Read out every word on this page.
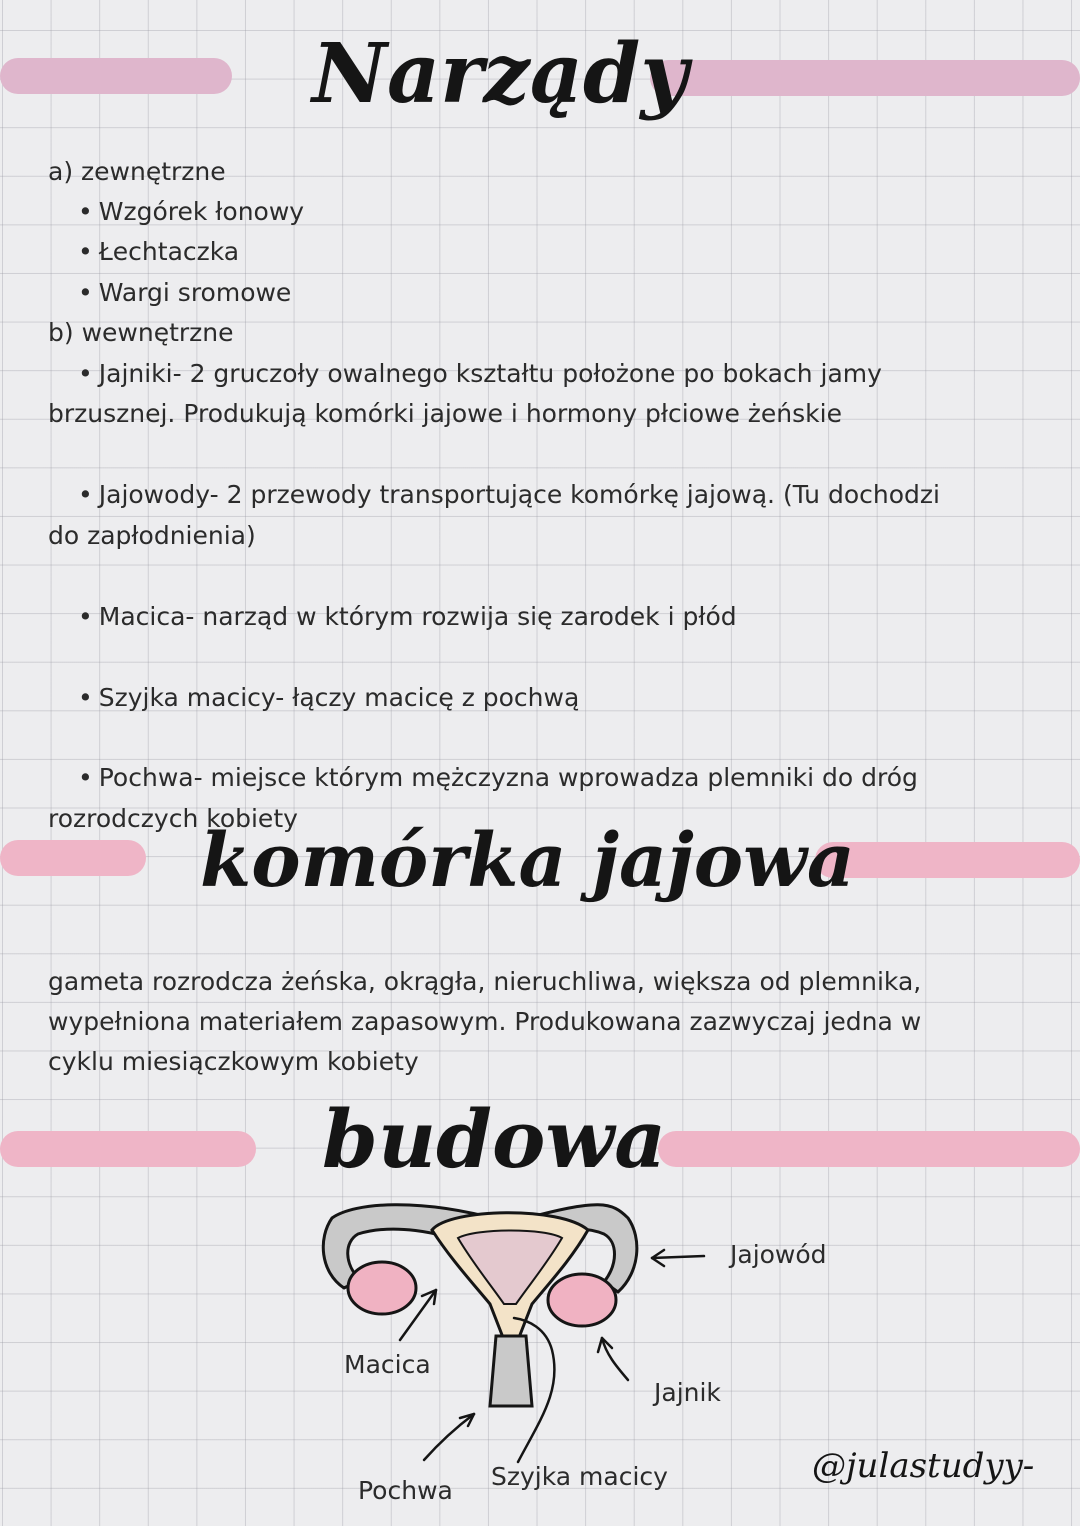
Narządy

a) zewnętrzne

• Wzgórek łonowy

• Łechtaczka

• Wargi sromowe

b) wewnętrzne

• Jajniki- 2 gruczoły owalnego kształtu położone po bokach jamy

brzusznej. Produkują komórki jajowe i hormony płciowe żeńskie

• Jajowody- 2 przewody transportujące komórkę jajową. (Tu dochodzi

do zapłodnienia)

• Macica- narząd w którym rozwija się zarodek i płód

• Szyjka macicy- łączy macicę z pochwą

• Pochwa- miejsce którym mężczyzna wprowadza plemniki do dróg

rozrodczych kobiety

komórka jajowa

gameta rozrodcza żeńska, okrągła, nieruchliwa, większa od plemnika,

wypełniona materiałem zapasowym. Produkowana zazwyczaj jedna w

cyklu miesiączkowym kobiety

budowa
Jajowód
Macica
Jajnik
Pochwa Szyjka macicy	@julastudyy-
